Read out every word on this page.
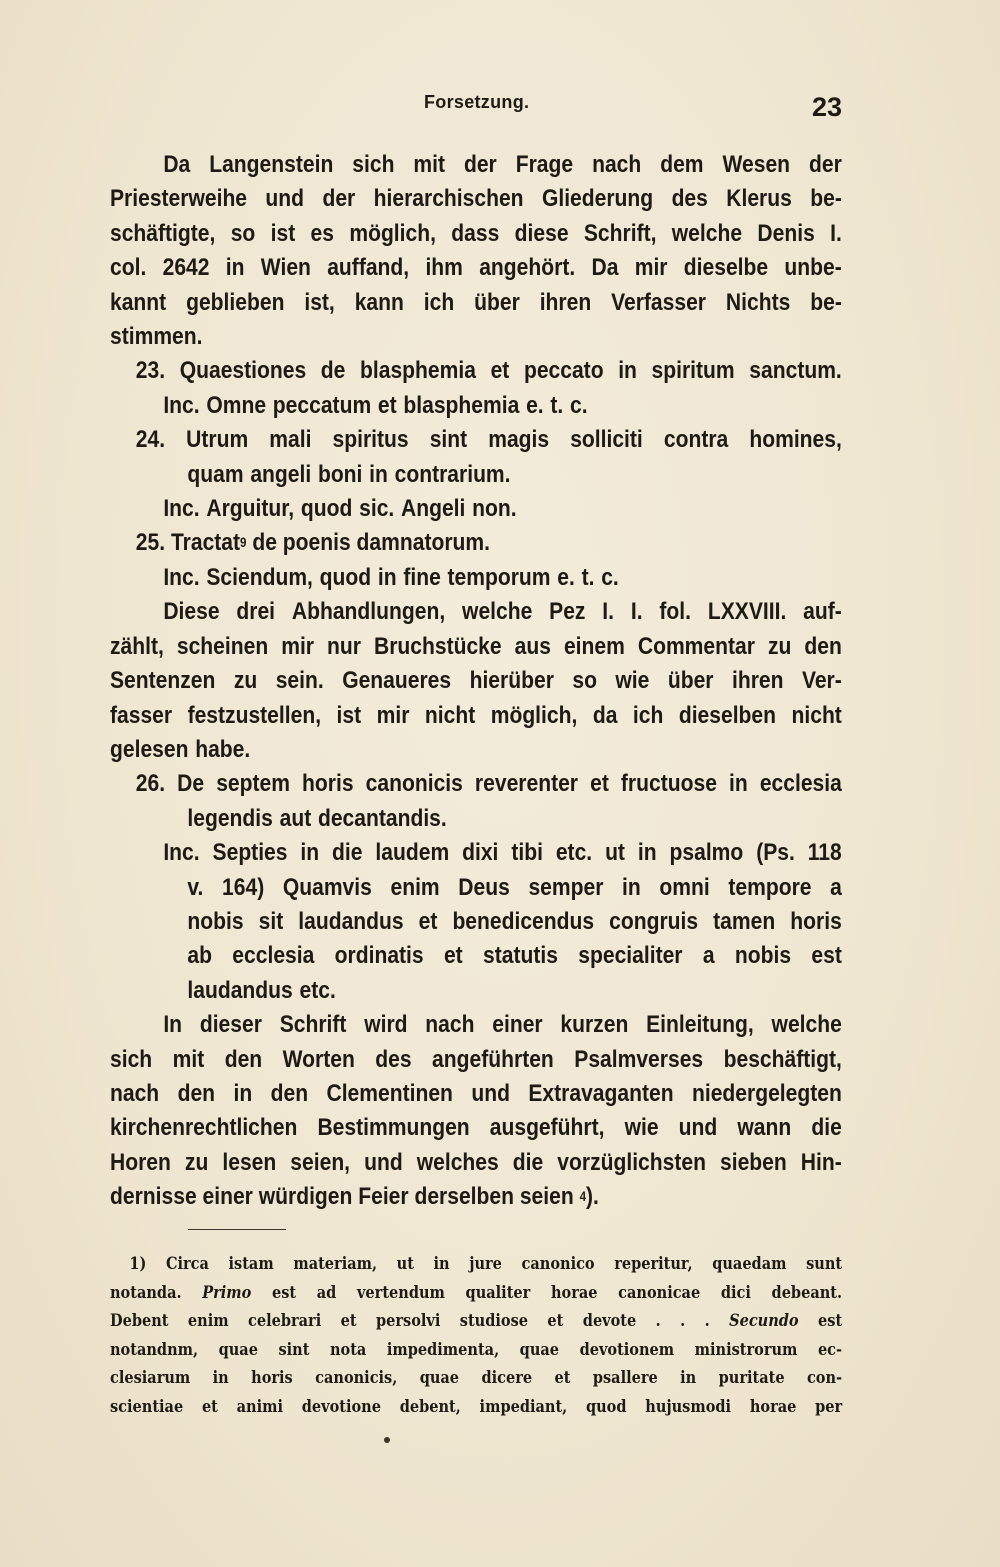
Forsetzung.	23
Da Langenstein sich mit der Frage nach dem Wesen der
Priesterweihe und der hierarchischen Gliederung des Klerus be-
schäftigte, so ist es möglich, dass diese Schrift, welche Denis I.
col. 2642 in Wien auffand, ihm angehört. Da mir dieselbe unbe-
kannt geblieben ist, kann ich über ihren Verfasser Nichts be-
stimmen.
23. Quaestiones de blasphemia et peccato in spiritum sanctum.
Inc. Omne peccatum et blasphemia e. t. c.
24. Utrum mali spiritus sint magis solliciti contra homines,
quam angeli boni in contrarium.
Inc. Arguitur, quod sic. Angeli non.
25. Tractat 9
de poenis damnatorum.
Inc. Sciendum, quod in fine temporum e. t. c.
Diese drei Abhandlungen, welche Pez I. I. fol. LXXVIII. auf-
zählt, scheinen mir nur Bruchstücke aus einem Commentar zu den
Sentenzen zu sein. Genaueres hierüber so wie über ihren Ver-
fasser festzustellen, ist mir nicht möglich, da ich dieselben nicht
gelesen habe.
26. De septem horis canonicis reverenter et fructuose in ecclesia
legendis aut decantandis.
Inc. Septies in die laudem dixi tibi etc. ut in psalmo (Ps. 118
v. 164) Quamvis enim Deus semper in omni tempore a
nobis sit laudandus et benedicendus congruis tamen horis
ab ecclesia ordinatis et statutis specialiter a nobis est
laudandus etc.
In dieser Schrift wird nach einer kurzen Einleitung, welche
sich mit den Worten des angeführten Psalmverses beschäftigt,
nach den in den Clementinen und Extravaganten niedergelegten
kirchenrechtlichen Bestimmungen ausgeführt, wie und wann die
Horen zu lesen seien, und welches die vorzüglichsten sieben Hin-
dernisse einer würdigen Feier derselben seien
4 ).
1) Circa istam materiam, ut in jure canonico reperitur, quaedam sunt
notanda. Primo est ad vertendum qualiter horae canonicae dici debeant.
Debent enim celebrari et persolvi studiose et devote . . . Secundo est
notandnm, quae sint nota impedimenta, quae devotionem ministrorum ec-
clesiarum in horis canonicis, quae dicere et psallere in puritate con-
scientiae et animi devotione debent, impediant, quod hujusmodi horae per
